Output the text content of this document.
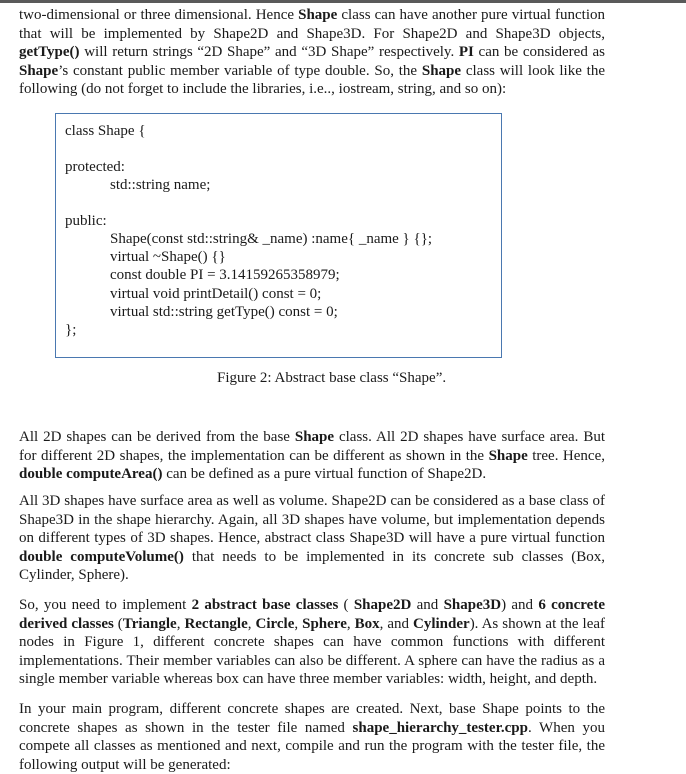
two-dimensional or three dimensional. Hence Shape class can have another pure virtual function that will be implemented by Shape2D and Shape3D. For Shape2D and Shape3D objects, getType() will return strings “2D Shape” and “3D Shape” respectively. PI can be considered as Shape’s constant public member variable of type double. So, the Shape class will look like the following (do not forget to include the libraries, i.e.., iostream, string, and so on):

class Shape {
protected:
std::string name;
public:
Shape(const std::string& _name) :name{ _name } {};
virtual ~Shape() {}
const double PI = 3.14159265358979;
virtual void printDetail() const = 0;
virtual std::string getType() const = 0;
};
Figure 2: Abstract base class “Shape”.

All 2D shapes can be derived from the base Shape class. All 2D shapes have surface area. But for different 2D shapes, the implementation can be different as shown in the Shape tree. Hence, double computeArea() can be defined as a pure virtual function of Shape2D.

All 3D shapes have surface area as well as volume. Shape2D can be considered as a base class of Shape3D in the shape hierarchy. Again, all 3D shapes have volume, but implementation depends on different types of 3D shapes. Hence, abstract class Shape3D will have a pure virtual function double computeVolume() that needs to be implemented in its concrete sub classes (Box, Cylinder, Sphere).

So, you need to implement 2 abstract base classes ( Shape2D and Shape3D) and 6 concrete derived classes (Triangle, Rectangle, Circle, Sphere, Box, and Cylinder). As shown at the leaf nodes in Figure 1, different concrete shapes can have common functions with different implementations. Their member variables can also be different. A sphere can have the radius as a single member variable whereas box can have three member variables: width, height, and depth.

In your main program, different concrete shapes are created. Next, base Shape points to the concrete shapes as shown in the tester file named shape_hierarchy_tester.cpp. When you compete all classes as mentioned and next, compile and run the program with the tester file, the following output will be generated:
